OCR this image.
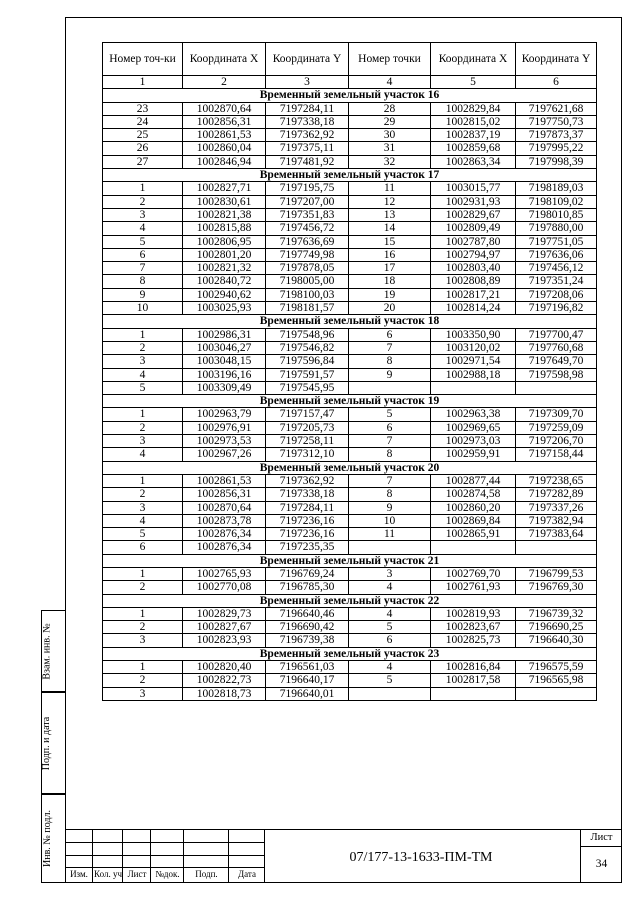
Номер точ-ки	Координата X	Координата Y	Номер точки	Координата X	Координата Y
1	2	3	4	5	6
Временный земельный участок 16					
23	1002870,64	7197284,11	28	1002829,84	7197621,68
24	1002856,31	7197338,18	29	1002815,02	7197750,73
25	1002861,53	7197362,92	30	1002837,19	7197873,37
26	1002860,04	7197375,11	31	1002859,68	7197995,22
27	1002846,94	7197481,92	32	1002863,34	7197998,39
Временный земельный участок 17					
1	1002827,71	7197195,75	11	1003015,77	7198189,03
2	1002830,61	7197207,00	12	1002931,93	7198109,02
3	1002821,38	7197351,83	13	1002829,67	7198010,85
4	1002815,88	7197456,72	14	1002809,49	7197880,00
5	1002806,95	7197636,69	15	1002787,80	7197751,05
6	1002801,20	7197749,98	16	1002794,97	7197636,06
7	1002821,32	7197878,05	17	1002803,40	7197456,12
8	1002840,72	7198005,00	18	1002808,89	7197351,24
9	1002940,62	7198100,03	19	1002817,21	7197208,06
10	1003025,93	7198181,57	20	1002814,24	7197196,82
Временный земельный участок 18					
1	1002986,31	7197548,96	6	1003350,90	7197700,47
2	1003046,27	7197546,82	7	1003120,02	7197760,68
3	1003048,15	7197596,84	8	1002971,54	7197649,70
4	1003196,16	7197591,57	9	1002988,18	7197598,98
5	1003309,49	7197545,95			
Временный земельный участок 19					
1	1002963,79	7197157,47	5	1002963,38	7197309,70
2	1002976,91	7197205,73	6	1002969,65	7197259,09
3	1002973,53	7197258,11	7	1002973,03	7197206,70
4	1002967,26	7197312,10	8	1002959,91	7197158,44
Временный земельный участок 20					
1	1002861,53	7197362,92	7	1002877,44	7197238,65
2	1002856,31	7197338,18	8	1002874,58	7197282,89
3	1002870,64	7197284,11	9	1002860,20	7197337,26
4	1002873,78	7197236,16	10	1002869,84	7197382,94
5	1002876,34	7197236,16	11	1002865,91	7197383,64
6	1002876,34	7197235,35			
Временный земельный участок 21					
1	1002765,93	7196769,24	3	1002769,70	7196799,53
2	1002770,08	7196785,30	4	1002761,93	7196769,30
Временный земельный участок 22					
1	1002829,73	7196640,46	4	1002819,93	7196739,32
2	1002827,67	7196690,42	5	1002823,67	7196690,25
3	1002823,93	7196739,38	6	1002825,73	7196640,30
Временный земельный участок 23					
1	1002820,40	7196561,03	4	1002816,84	7196575,59
2	1002822,73	7196640,17	5	1002817,58	7196565,98
3	1002818,73	7196640,01			
Взам. инв. №
Подп. и дата
Инв. № подл.
Изм. Кол. уч Лист №док.	Подп.	Дата
07/177-13-1633-ПМ-ТМ
Лист
34
